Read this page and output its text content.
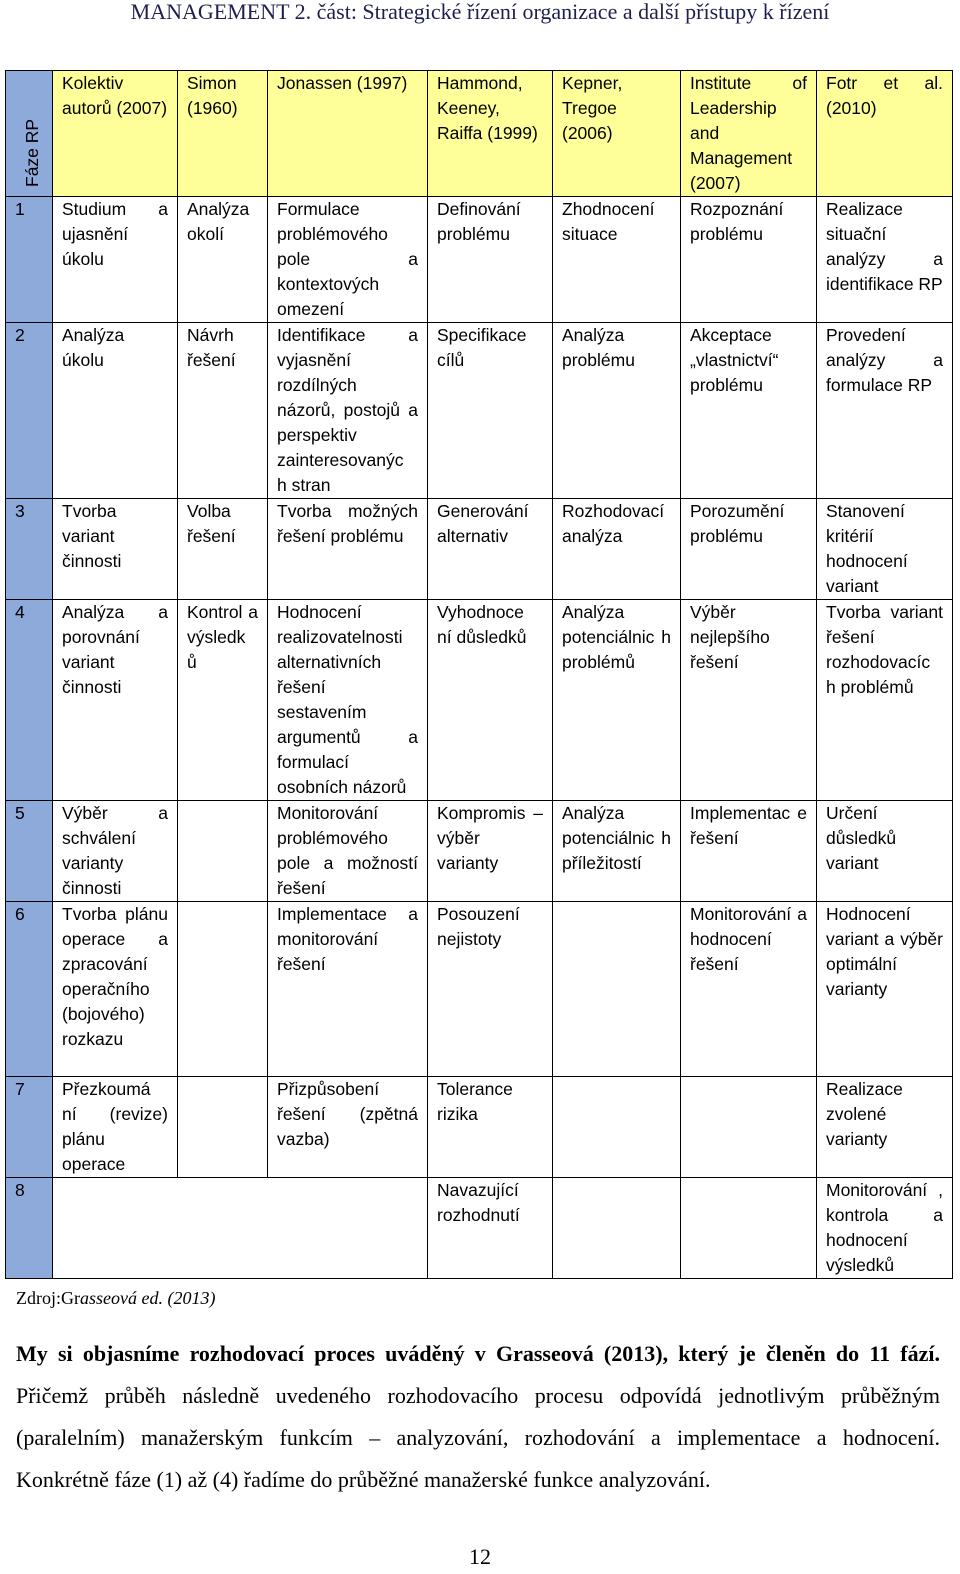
MANAGEMENT 2. část: Strategické řízení organizace a další přístupy k řízení
Fáze RP	Kolektiv autorů (2007)	Simon (1960)	Jonassen (1997)	Hammond, Keeney, Raiffa (1999)	Kepner, Tregoe (2006)	Institute of Leadership and Management (2007)	Fotr et al. (2010)
1	Studium a ujasnění úkolu	Analýza okolí	Formulace problémového pole a kontextových omezení	Definování problému	Zhodnocení situace	Rozpoznání problému	Realizace situační analýzy a identifikace RP
2	Analýza úkolu	Návrh řešení	Identifikace a vyjasnění rozdílných názorů, postojů a perspektiv zainteresovanýc h stran	Specifikace cílů	Analýza problému	Akceptace „vlastnictví“ problému	Provedení analýzy a formulace RP
3	Tvorba variant činnosti	Volba řešení	Tvorba možných řešení problému	Generování alternativ	Rozhodovací analýza	Porozumění problému	Stanovení kritérií hodnocení variant
4	Analýza a porovnání variant činnosti	Kontrol a výsledk ů	Hodnocení realizovatelnosti alternativních řešení sestavením argumentů a formulací osobních názorů	Vyhodnoce ní důsledků	Analýza potenciálnic h problémů	Výběr nejlepšího řešení	Tvorba variant řešení rozhodovacíc h problémů
5	Výběr a schválení varianty činnosti		Monitorování problémového pole a možností řešení	Kompromis – výběr varianty	Analýza potenciálnic h příležitostí	Implementac e řešení	Určení důsledků variant
6	Tvorba plánu operace a zpracování operačního (bojového) rozkazu		Implementace a monitorování řešení	Posouzení nejistoty		Monitorování a hodnocení řešení	Hodnocení variant a výběr optimální varianty
7	Přezkoumá ní (revize) plánu operace		Přizpůsobení řešení (zpětná vazba)	Tolerance rizika			Realizace zvolené varianty
8				Navazující rozhodnutí			Monitorování , kontrola a hodnocení výsledků
Zdroj:Grasseová ed. (2013)
My si objasníme rozhodovací proces uváděný v Grasseová (2013), který je členěn do 11 fází. Přičemž průběh následně uvedeného rozhodovacího procesu odpovídá jednotlivým průběžným (paralelním) manažerským funkcím – analyzování, rozhodování a implementace a hodnocení. Konkrétně fáze (1) až (4) řadíme do průběžné manažerské funkce analyzování.
12
